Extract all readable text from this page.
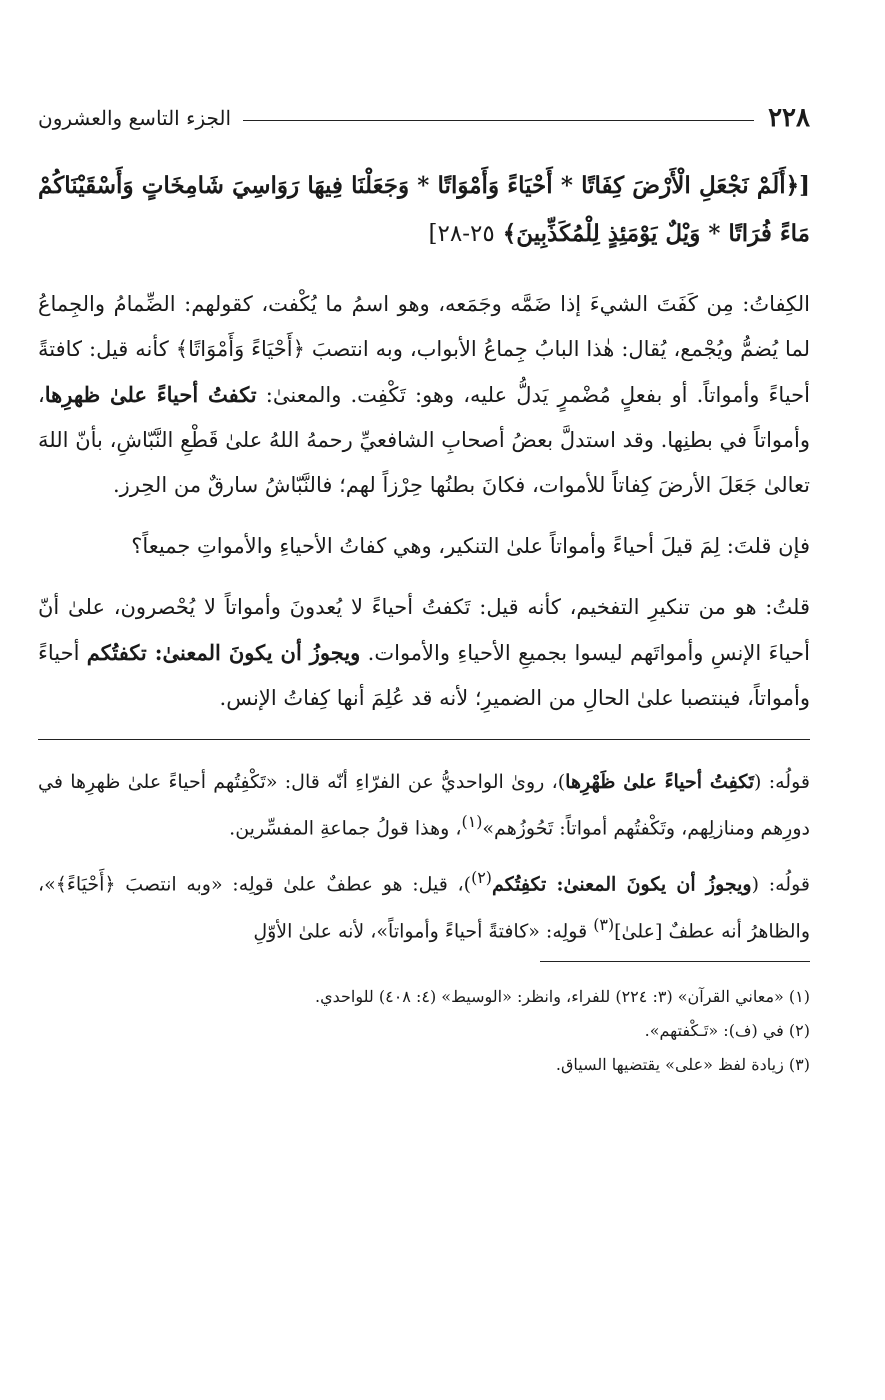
٢٢٨
الجزء التاسع والعشرون

[﴿أَلَمْ نَجْعَلِ الْأَرْضَ كِفَاتًا * أَحْيَاءً وَأَمْوَاتًا * وَجَعَلْنَا فِيهَا رَوَاسِيَ شَامِخَاتٍ وَأَسْقَيْنَاكُمْ مَاءً فُرَاتًا * وَيْلٌ يَوْمَئِذٍ لِلْمُكَذِّبِينَ﴾ ٢٥-٢٨]

الكِفاتُ: مِن كَفَتَ الشيءَ إذا ضَمَّه وجَمَعه، وهو اسمُ ما يُكْفت، كقولهم: الضِّمامُ والجِماعُ لما يُضمُّ ويُجْمع، يُقال: هٰذا البابُ جِماعُ الأبواب، وبه انتصبَ ﴿أَحْيَاءً وَأَمْوَاتًا﴾ كأنه قيل: كافتةً أحياءً وأمواتاً. أو بفعلٍ مُضْمرٍ يَدلُّ عليه، وهو: تَكْفِت. والمعنىٰ: تكفتُ أحياءً علىٰ ظهرِها، وأمواتاً في بطنِها. وقد استدلَّ بعضُ أصحابِ الشافعيِّ رحمهُ اللهُ علىٰ قَطْعِ النَّبّاشِ، بأنّ اللهَ تعالىٰ جَعَلَ الأرضَ كِفاتاً للأموات، فكانَ بطنُها حِرْزاً لهم؛ فالنَّبّاشُ سارقٌ من الحِرز.

فإن قلتَ: لِمَ قيلَ أحياءً وأمواتاً علىٰ التنكير، وهي كفاتُ الأحياءِ والأمواتِ جميعاً؟

قلتُ: هو من تنكيرِ التفخيم، كأنه قيل: تَكفتُ أحياءً لا يُعدونَ وأمواتاً لا يُحْصرون، علىٰ أنّ أحياءَ الإنسِ وأمواتَهم ليسوا بجميعِ الأحياءِ والأموات. ويجوزُ أن يكونَ المعنىٰ: تكفتُكم أحياءً وأمواتاً، فينتصبا علىٰ الحالِ من الضميرِ؛ لأنه قد عُلِمَ أنها كِفاتُ الإنس.

قولُه: (تَكفِتُ أحياءً علىٰ ظَهْرِها)، روىٰ الواحديُّ عن الفرّاءِ أنّه قال: «تَكْفِتُهم أحياءً علىٰ ظهرِها في دورِهم ومنازلِهم، وتَكْفتُهم أمواتاً: تَحُوزُهم»$^{(١)}$، وهذا قولُ جماعةِ المفسِّرين.

قولُه: (ويجوزُ أن يكونَ المعنىٰ: تكفِتُكم$^{(٢)}$)، قيل: هو عطفٌ علىٰ قولِه: «وبه انتصبَ ﴿أَحْيَاءً﴾»، والظاهرُ أنه عطفٌ [علىٰ]$^{(٣)}$ قولِه: «كافتةً أحياءً وأمواتاً»، لأنه علىٰ الأوّلِ

(١) «معاني القرآن» (٣: ٢٢٤) للفراء، وانظر: «الوسيط» (٤: ٤٠٨) للواحدي.

(٢) في (ف): «تَـكْفتهم».

(٣) زيادة لفظ «على» يقتضيها السياق.
